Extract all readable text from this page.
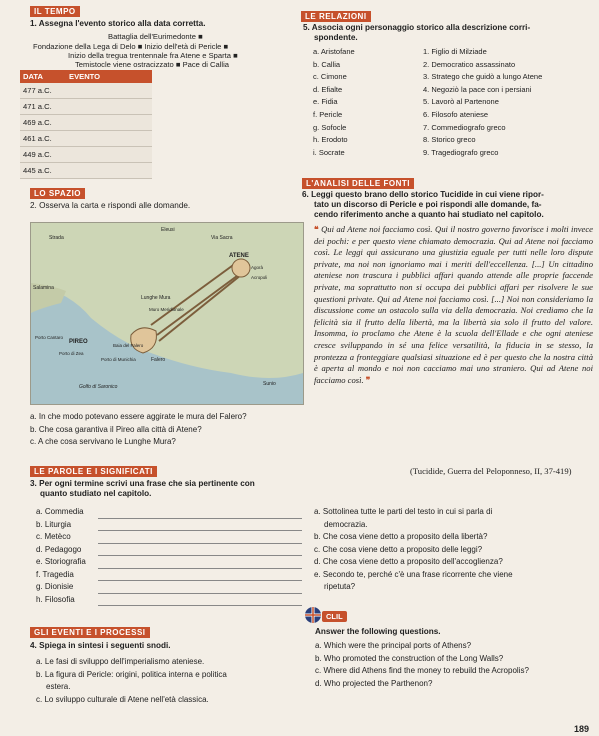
IL TEMPO
LE RELAZIONI
1. Assegna l'evento storico alla data corretta.
Battaglia dell'Eurimedonte ■
Fondazione della Lega di Delo ■ Inizio dell'età di Pericle ■
Inizio della tregua trentennale fra Atene e Sparta ■
Temistocle viene ostracizzato ■ Pace di Callia
DATA	EVENTO
477 a.C.	
471 a.C.	
469 a.C.	
461 a.C.	
449 a.C.	
445 a.C.	
5. Associa ogni personaggio storico alla descrizione corri-
spondente.
a. Aristofane	1. Figlio di Milziade
b. Callia	2. Democratico assassinato
c. Cimone	3. Stratego che guidò a lungo Atene
d. Efialte	4. Negoziò la pace con i persiani
e. Fidia	5. Lavorò al Partenone
f. Pericle	6. Filosofo ateniese
g. Sofocle	7. Commediografo greco
h. Erodoto	8. Storico greco
i. Socrate	9. Tragediografo greco
LO SPAZIO
L'ANALISI DELLE FONTI
2. Osserva la carta e rispondi alle domande.
Strada
Eleusi
Via Sacra
ATENE
Agorà
Acropoli
Salamina
Lunghe Mura
Muro Meridionale
Porto Cantaro
PIREO
Porto di Zea
Baia del Falero
Porto di Munichia	Falero
Golfo di Saronico	Sunio
a. In che modo potevano essere aggirate le mura del Falero?
b. Che cosa garantiva il Pireo alla città di Atene?
c. A che cosa servivano le Lunghe Mura?
6. Leggi questo brano dello storico Tucidide in cui viene ripor-
tato un discorso di Pericle e poi rispondi alle domande, fa-
cendo riferimento anche a quanto hai studiato nel capitolo.
❝ Qui ad Atene noi facciamo così. Qui il nostro governo favorisce i molti invece dei pochi: e per questo viene chiamato democrazia. Qui ad Atene noi facciamo così. Le leggi qui assicurano una giustizia eguale per tutti nelle loro dispute private, ma noi non ignoriamo mai i meriti dell'eccellenza. [...] Un cittadino ateniese non trascura i pubblici affari quando attende alle proprie faccende private, ma soprattutto non si occupa dei pubblici affari per risolvere le sue questioni private. Qui ad Atene noi facciamo così. [...] Noi non consideriamo la discussione come un ostacolo sulla via della democrazia. Noi crediamo che la felicità sia il frutto della libertà, ma la libertà sia solo il frutto del valore. Insomma, io proclamo che Atene è la scuola dell'Ellade e che ogni ateniese cresce sviluppando in sé una felice versatilità, la fiducia in se stesso, la prontezza a fronteggiare qualsiasi situazione ed è per questo che la nostra città è aperta al mondo e noi non cacciamo mai uno straniero. Qui ad Atene noi facciamo così. ❞
(Tucidide, Guerra del Peloponneso, II, 37-419)
a. Sottolinea tutte le parti del testo in cui si parla di
democrazia.
b. Che cosa viene detto a proposito della libertà?
c. Che cosa viene detto a proposito delle leggi?
d. Che cosa viene detto a proposito dell'accoglienza?
e. Secondo te, perché c'è una frase ricorrente che viene
ripetuta?
LE PAROLE E I SIGNIFICATI
3. Per ogni termine scrivi una frase che sia pertinente con
quanto studiato nel capitolo.
a. Commedia
b. Liturgia
c. Metèco
d. Pedagogo
e. Storiografia
f. Tragedia
g. Dionisie
h. Filosofia
GLI EVENTI E I PROCESSI
4. Spiega in sintesi i seguenti snodi.
a. Le fasi di sviluppo dell'imperialismo ateniese.
b. La figura di Pericle: origini, politica interna e politica
estera.
c. Lo sviluppo culturale di Atene nell'età classica.
CLIL
Answer the following questions.
a. Which were the principal ports of Athens?
b. Who promoted the construction of the Long Walls?
c. Where did Athens find the money to rebuild the Acropolis?
d. Who projected the Parthenon?
189
